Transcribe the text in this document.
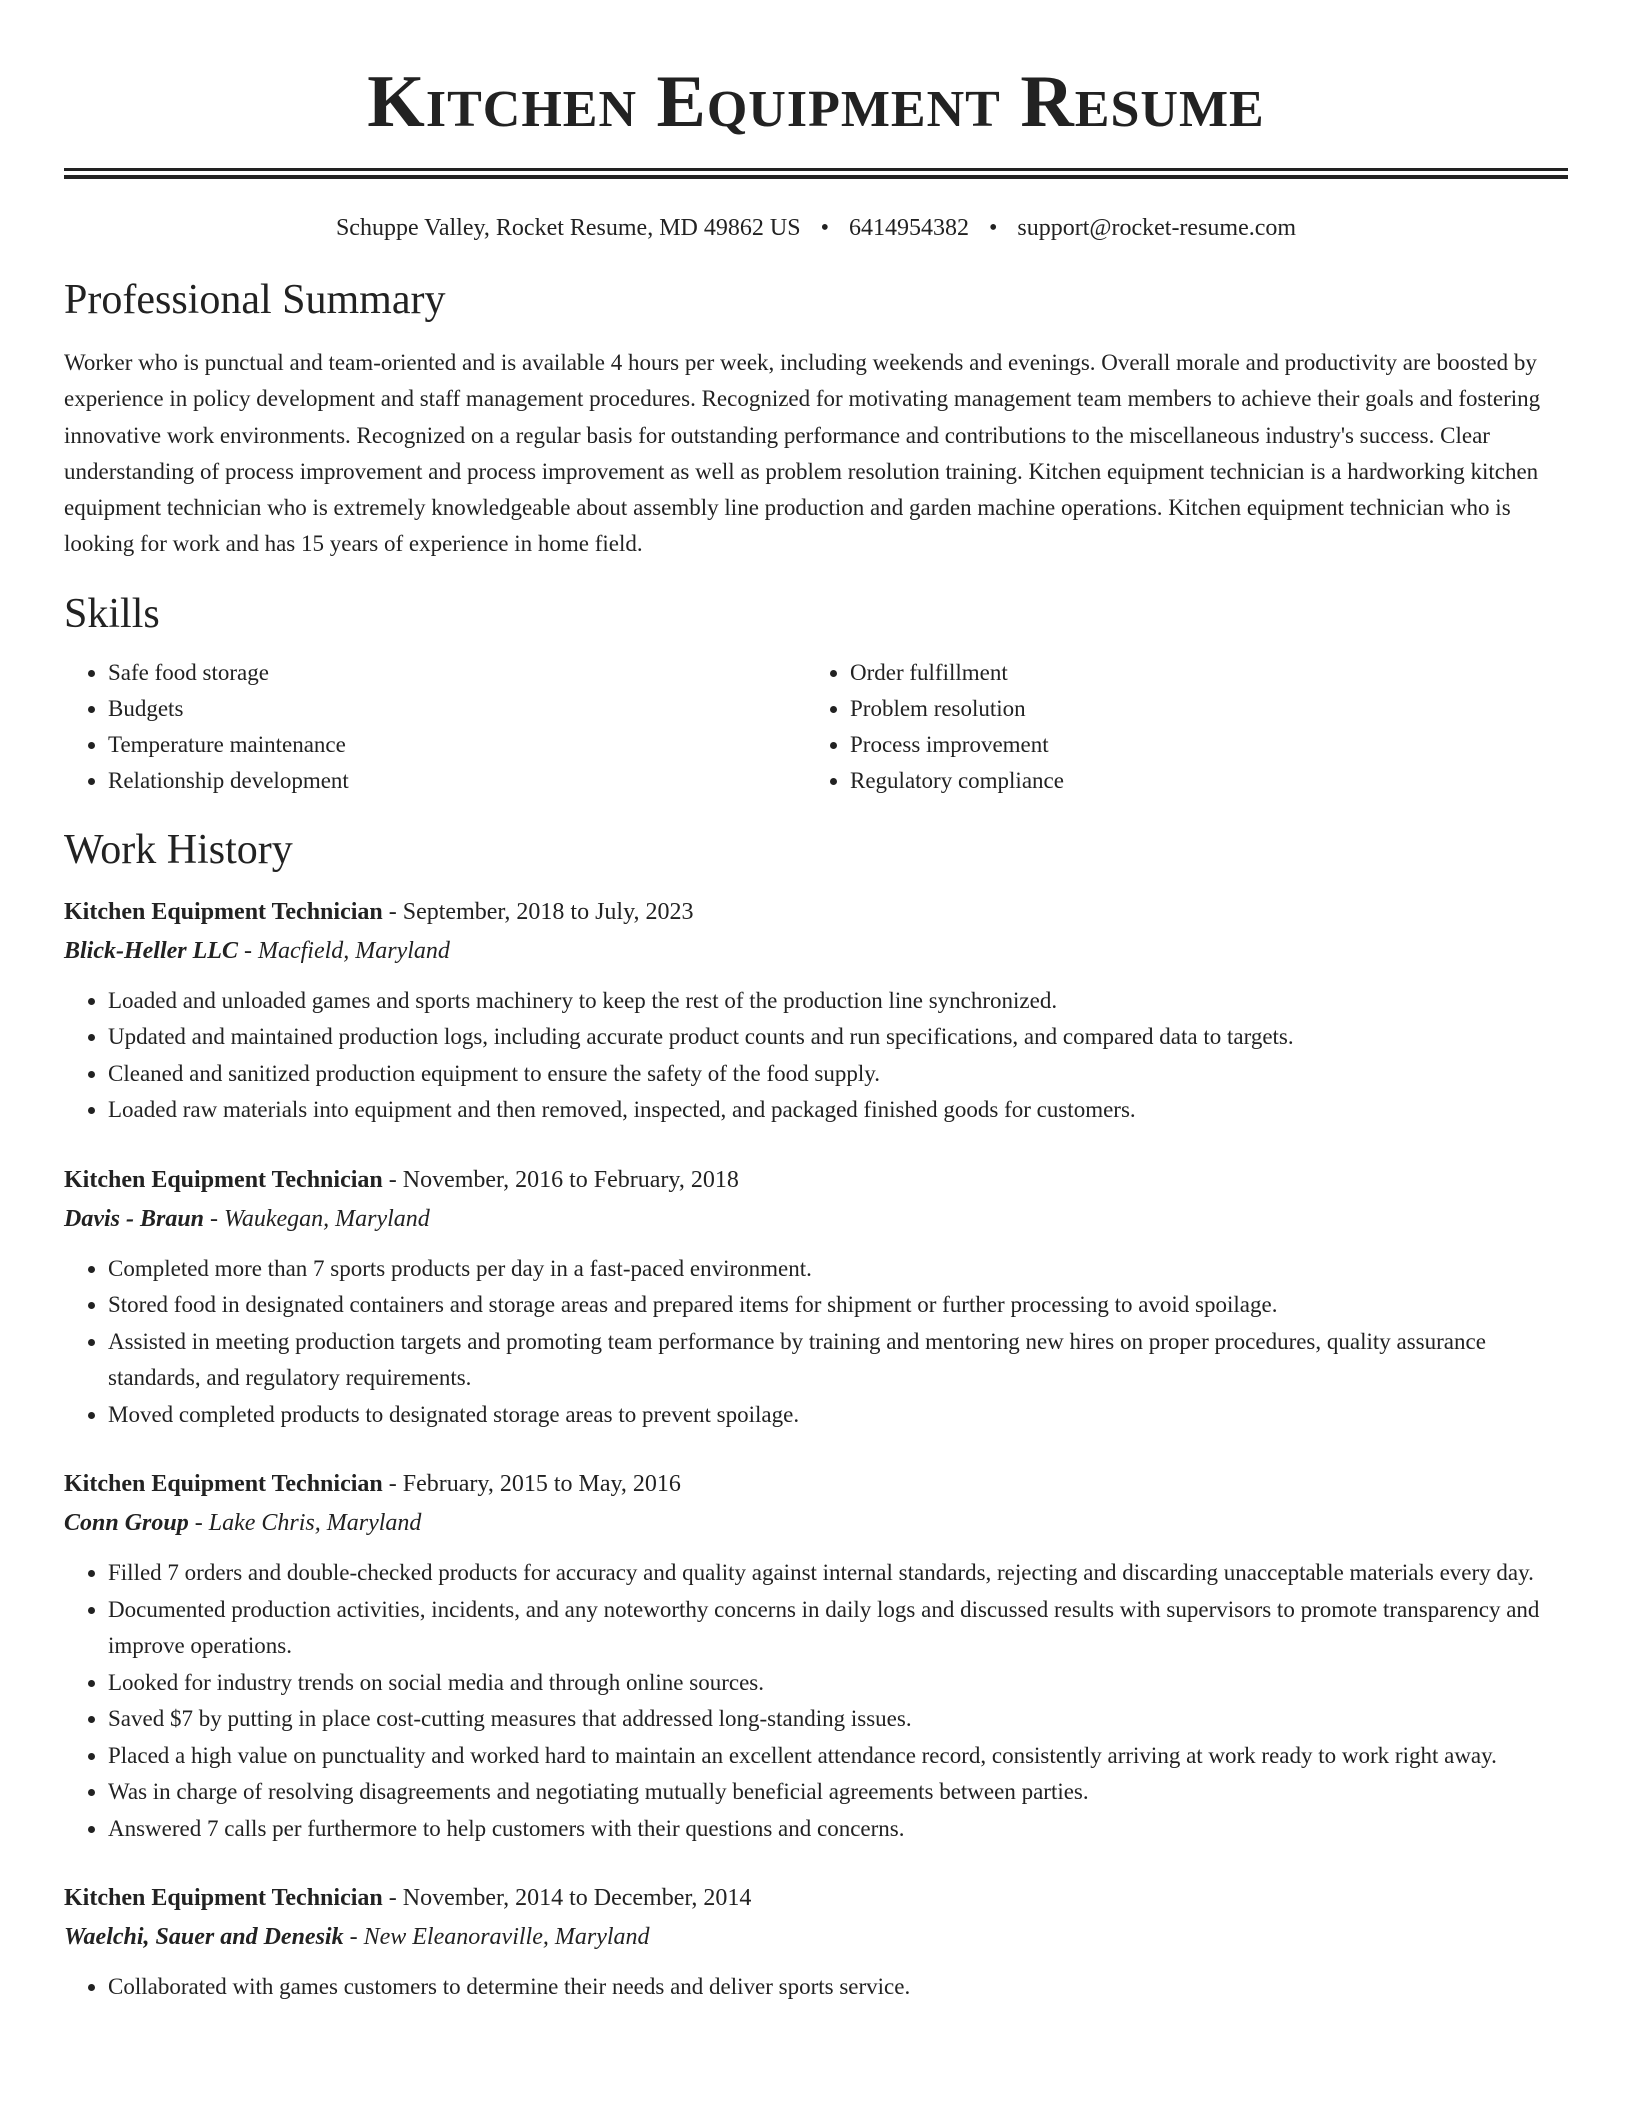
Kitchen Equipment Resume
Schuppe Valley, Rocket Resume, MD 49862 US • 6414954382 • support@rocket-resume.com
Professional Summary

Worker who is punctual and team-oriented and is available 4 hours per week, including weekends and evenings. Overall morale and productivity are boosted by experience in policy development and staff management procedures. Recognized for motivating management team members to achieve their goals and fostering innovative work environments. Recognized on a regular basis for outstanding performance and contributions to the miscellaneous industry's success. Clear understanding of process improvement and process improvement as well as problem resolution training. Kitchen equipment technician is a hardworking kitchen equipment technician who is extremely knowledgeable about assembly line production and garden machine operations. Kitchen equipment technician who is looking for work and has 15 years of experience in home field.

Skills
• Safe food storage
• Budgets
• Temperature maintenance
• Relationship development
• Order fulfillment
• Problem resolution
• Process improvement
• Regulatory compliance
Work History
Kitchen Equipment Technician - September, 2018 to July, 2023
Blick-Heller LLC - Macfield, Maryland
• Loaded and unloaded games and sports machinery to keep the rest of the production line synchronized.
• Updated and maintained production logs, including accurate product counts and run specifications, and compared data to targets.
• Cleaned and sanitized production equipment to ensure the safety of the food supply.
• Loaded raw materials into equipment and then removed, inspected, and packaged finished goods for customers.
Kitchen Equipment Technician - November, 2016 to February, 2018
Davis - Braun - Waukegan, Maryland
• Completed more than 7 sports products per day in a fast-paced environment.
• Stored food in designated containers and storage areas and prepared items for shipment or further processing to avoid spoilage.
• Assisted in meeting production targets and promoting team performance by training and mentoring new hires on proper procedures, quality assurance standards, and regulatory requirements.
• Moved completed products to designated storage areas to prevent spoilage.
Kitchen Equipment Technician - February, 2015 to May, 2016
Conn Group - Lake Chris, Maryland
• Filled 7 orders and double-checked products for accuracy and quality against internal standards, rejecting and discarding unacceptable materials every day.
• Documented production activities, incidents, and any noteworthy concerns in daily logs and discussed results with supervisors to promote transparency and improve operations.
• Looked for industry trends on social media and through online sources.
• Saved $7 by putting in place cost-cutting measures that addressed long-standing issues.
• Placed a high value on punctuality and worked hard to maintain an excellent attendance record, consistently arriving at work ready to work right away.
• Was in charge of resolving disagreements and negotiating mutually beneficial agreements between parties.
• Answered 7 calls per furthermore to help customers with their questions and concerns.
Kitchen Equipment Technician - November, 2014 to December, 2014
Waelchi, Sauer and Denesik - New Eleanoraville, Maryland
• Collaborated with games customers to determine their needs and deliver sports service.
